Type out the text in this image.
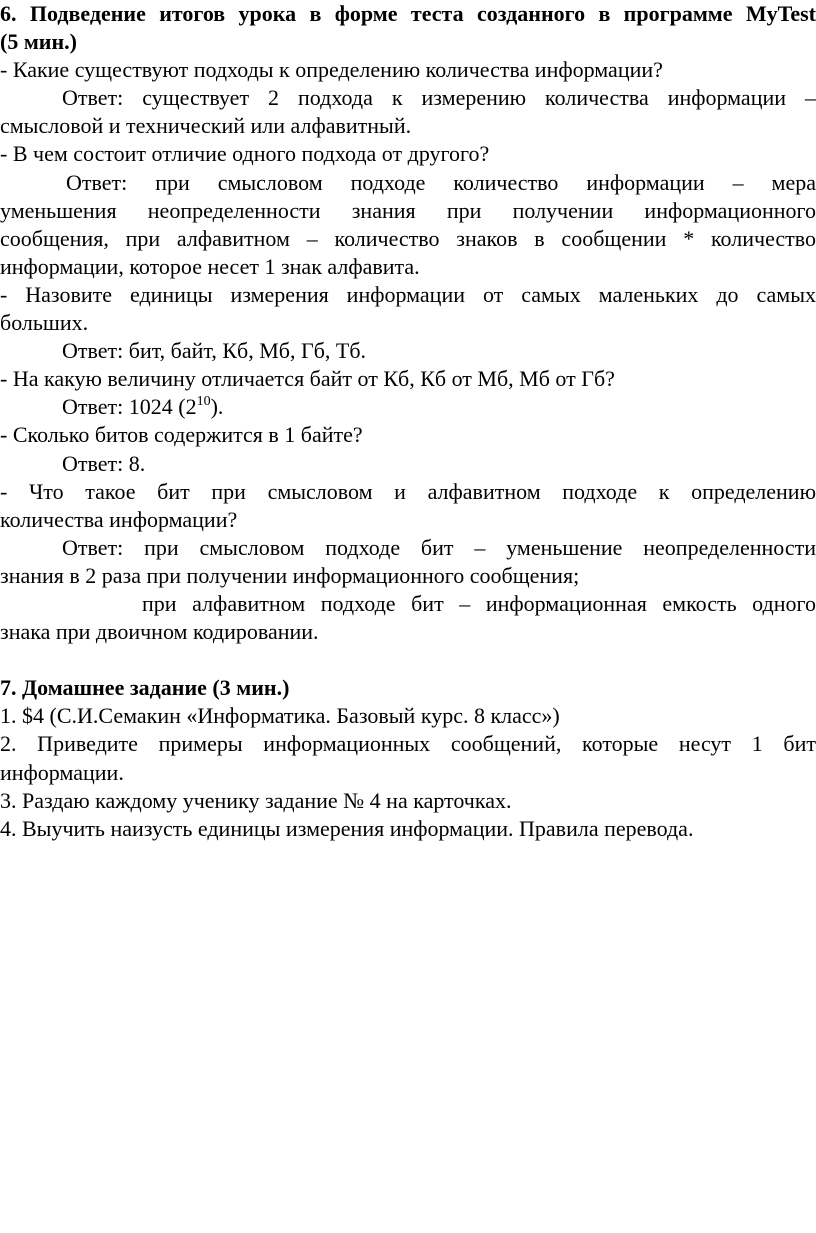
6. Подведение итогов урока в форме теста созданного в программе MyTest
(5 мин.)
- Какие существуют подходы к определению количества информации?
Ответ: существует 2 подхода к измерению количества информации –
смысловой и технический или алфавитный.
- В чем состоит отличие одного подхода от другого?
Ответ: при смысловом подходе количество информации – мера
уменьшения неопределенности знания при получении информационного
сообщения, при алфавитном – количество знаков в сообщении * количество
информации, которое несет 1 знак алфавита.
- Назовите единицы измерения информации от самых маленьких до самых
больших.
Ответ: бит, байт, Кб, Мб, Гб, Тб.
- На какую величину отличается байт от Кб, Кб от Мб, Мб от Гб?
Ответ: 1024 $(2^{10})$.
- Сколько битов содержится в 1 байте?
Ответ: 8.
- Что такое бит при смысловом и алфавитном подходе к определению
количества информации?
Ответ: при смысловом подходе бит – уменьшение неопределенности
знания в 2 раза при получении информационного сообщения;
при алфавитном подходе бит – информационная емкость одного
знака при двоичном кодировании.
7. Домашнее задание (3 мин.)
1. $4 (С.И.Семакин «Информатика. Базовый курс. 8 класс»)
2. Приведите примеры информационных сообщений, которые несут 1 бит
информации.
3. Раздаю каждому ученику задание № 4 на карточках.
4. Выучить наизусть единицы измерения информации. Правила перевода.
